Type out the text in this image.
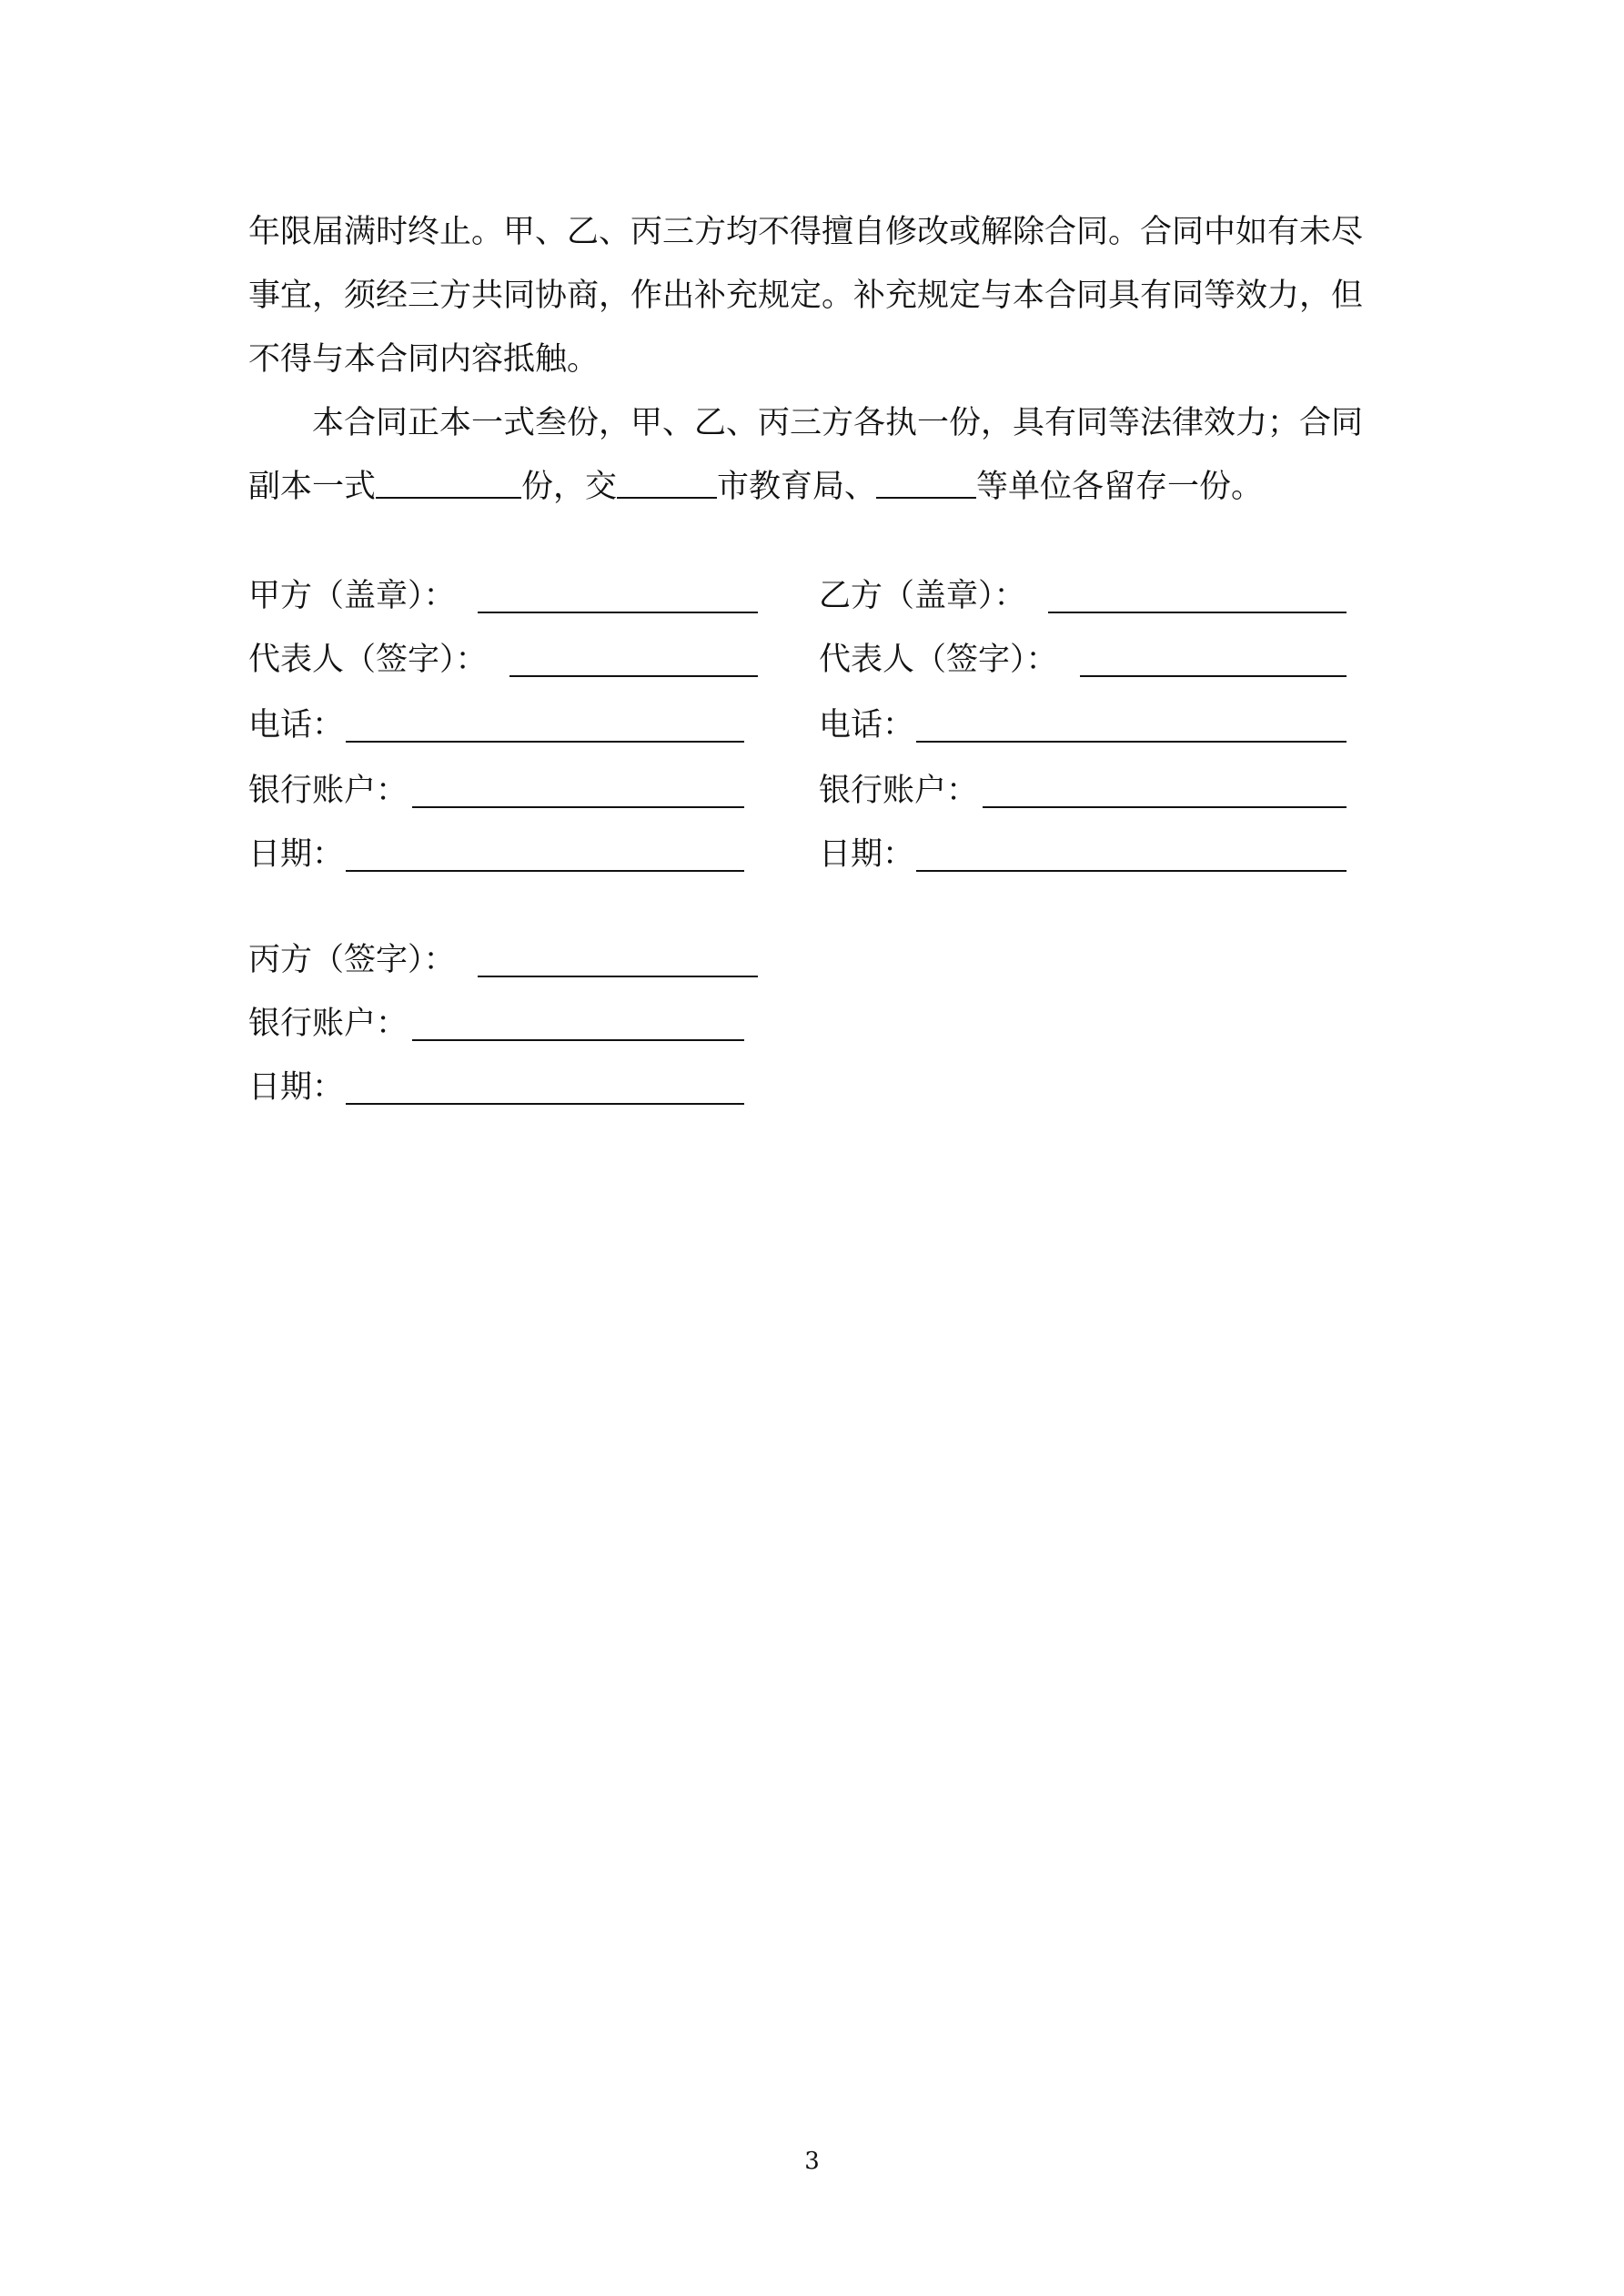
年限届满时终止。甲、乙、丙三方均不得擅自修改或解除合同。合同中如有未尽事宜，须经三方共同协商，作出补充规定。补充规定与本合同具有同等效力，但不得与本合同内容抵触。

本合同正本一式叁份，甲、乙、丙三方各执一份，具有同等法律效力；合同副本一式	份，交	市教育局、	等单位各留存一份。

甲方（盖章）：
代表人（签字）：
电话：
银行账户：
日期：
乙方（盖章）：
代表人（签字）：
电话：
银行账户：
日期：
丙方（签字）：
银行账户：
日期：
3
